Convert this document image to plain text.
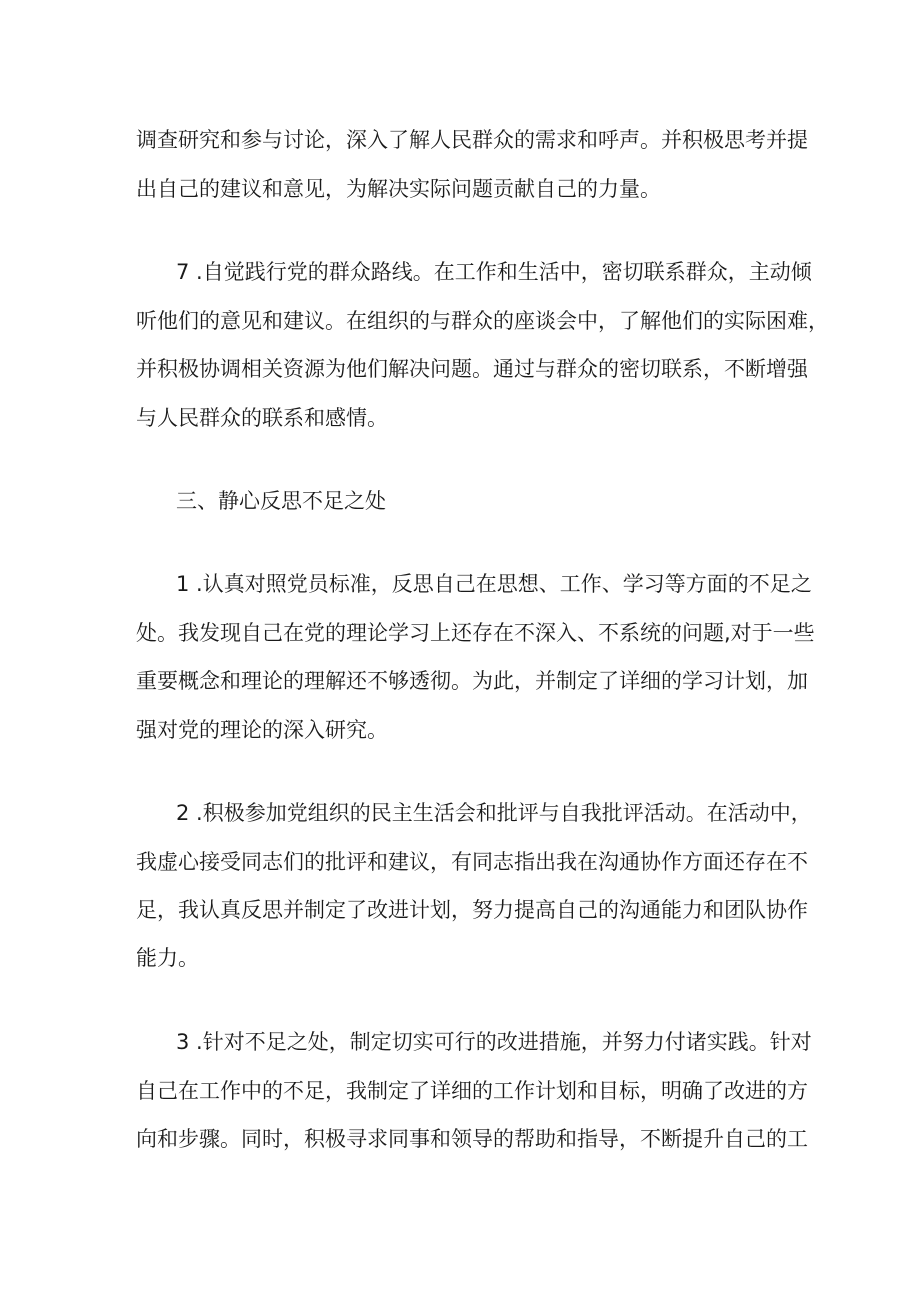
调查研究和参与讨论，深入了解人民群众的需求和呼声。并积极思考并提

出自己的建议和意见，为解决实际问题贡献自己的力量。

7 .自觉践行党的群众路线。在工作和生活中，密切联系群众，主动倾

听他们的意见和建议。在组织的与群众的座谈会中，了解他们的实际困难，

并积极协调相关资源为他们解决问题。通过与群众的密切联系，不断增强

与人民群众的联系和感情。

三、静心反思不足之处

1 .认真对照党员标准，反思自己在思想、工作、学习等方面的不足之

处。我发现自己在党的理论学习上还存在不深入、不系统的问题,对于一些

重要概念和理论的理解还不够透彻。为此，并制定了详细的学习计划，加

强对党的理论的深入研究。

2 .积极参加党组织的民主生活会和批评与自我批评活动。在活动中，

我虚心接受同志们的批评和建议，有同志指出我在沟通协作方面还存在不

足，我认真反思并制定了改进计划，努力提高自己的沟通能力和团队协作

能力。

3 .针对不足之处，制定切实可行的改进措施，并努力付诸实践。针对

自己在工作中的不足，我制定了详细的工作计划和目标，明确了改进的方

向和步骤。同时，积极寻求同事和领导的帮助和指导，不断提升自己的工
